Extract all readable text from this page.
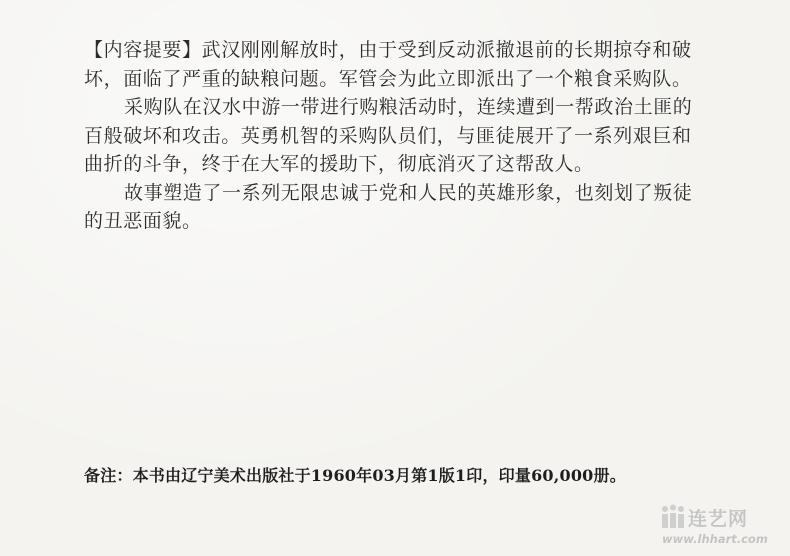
【内容提要】武汉刚刚解放时，由于受到反动派撤退前的长期掠夺和破坏，面临了严重的缺粮问题。军管会为此立即派出了一个粮食采购队。

采购队在汉水中游一带进行购粮活动时，连续遭到一帮政治土匪的百般破坏和攻击。英勇机智的采购队员们，与匪徒展开了一系列艰巨和曲折的斗争，终于在大军的援助下，彻底消灭了这帮敌人。

故事塑造了一系列无限忠诚于党和人民的英雄形象，也刻划了叛徒的丑恶面貌。

备注：本书由辽宁美术出版社于1960年03月第1版1印，印量60,000册。
连艺网
www.lhhart.com
